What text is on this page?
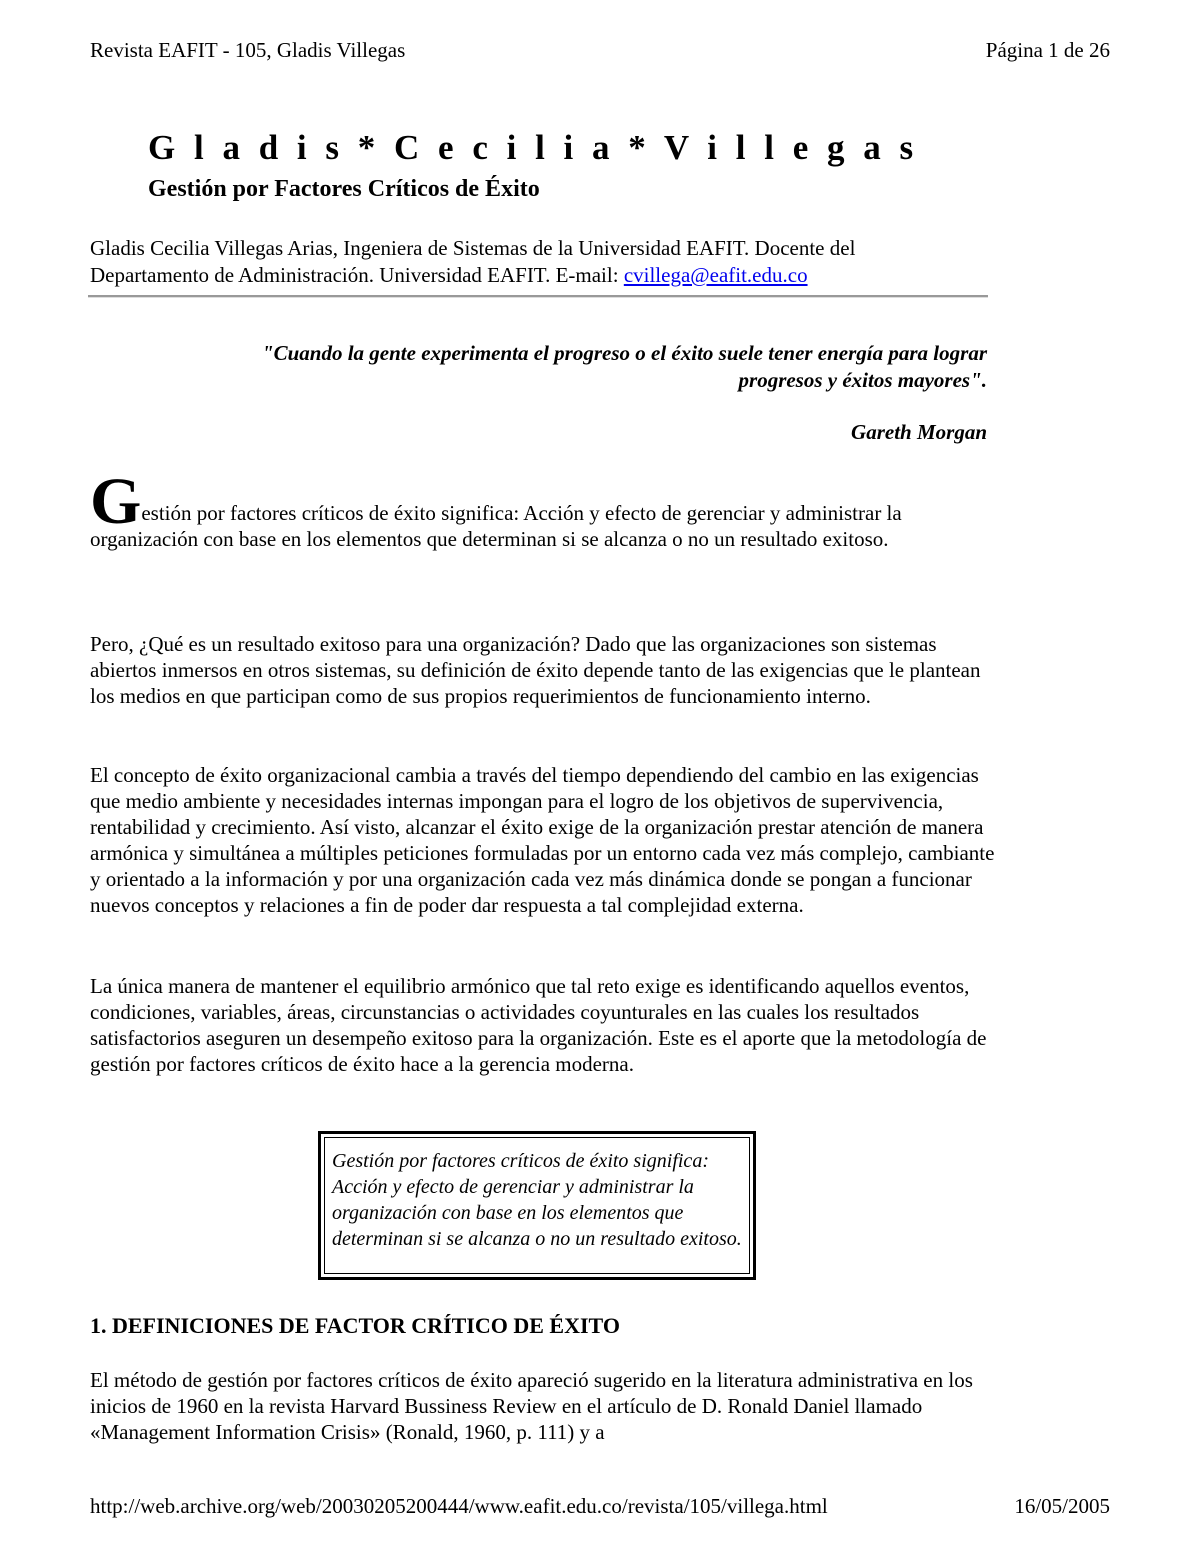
Revista EAFIT - 105, Gladis Villegas	Página 1 de 26
G l a d i s * C e c i l i a * V i l l e g a s
Gestión por Factores Críticos de Éxito
Gladis Cecilia Villegas Arias, Ingeniera de Sistemas de la Universidad EAFIT. Docente del
Departamento de Administración. Universidad EAFIT. E-mail: cvillega@eafit.edu.co
"Cuando la gente experimenta el progreso o el éxito suele tener energía para lograr
progresos y éxitos mayores".
Gareth Morgan

Gestión por factores críticos de éxito significa: Acción y efecto de gerenciar y administrar la organización con base en los elementos que determinan si se alcanza o no un resultado exitoso.

Pero, ¿Qué es un resultado exitoso para una organización? Dado que las organizaciones son sistemas abiertos inmersos en otros sistemas, su definición de éxito depende tanto de las exigencias que le plantean los medios en que participan como de sus propios requerimientos de funcionamiento interno.

El concepto de éxito organizacional cambia a través del tiempo dependiendo del cambio en las exigencias que medio ambiente y necesidades internas impongan para el logro de los objetivos de supervivencia, rentabilidad y crecimiento. Así visto, alcanzar el éxito exige de la organización prestar atención de manera armónica y simultánea a múltiples peticiones formuladas por un entorno cada vez más complejo, cambiante y orientado a la información y por una organización cada vez más dinámica donde se pongan a funcionar nuevos conceptos y relaciones a fin de poder dar respuesta a tal complejidad externa.

La única manera de mantener el equilibrio armónico que tal reto exige es identificando aquellos eventos, condiciones, variables, áreas, circunstancias o actividades coyunturales en las cuales los resultados satisfactorios aseguren un desempeño exitoso para la organización. Este es el aporte que la metodología de gestión por factores críticos de éxito hace a la gerencia moderna.

Gestión por factores críticos de éxito significa: Acción y efecto de gerenciar y administrar la organización con base en los elementos que determinan si se alcanza o no un resultado exitoso.
1. DEFINICIONES DE FACTOR CRÍTICO DE ÉXITO

El método de gestión por factores críticos de éxito apareció sugerido en la literatura administrativa en los inicios de 1960 en la revista Harvard Bussiness Review en el artículo de D. Ronald Daniel llamado «Management Information Crisis» (Ronald, 1960, p. 111) y a

http://web.archive.org/web/20030205200444/www.eafit.edu.co/revista/105/villega.html	16/05/2005
